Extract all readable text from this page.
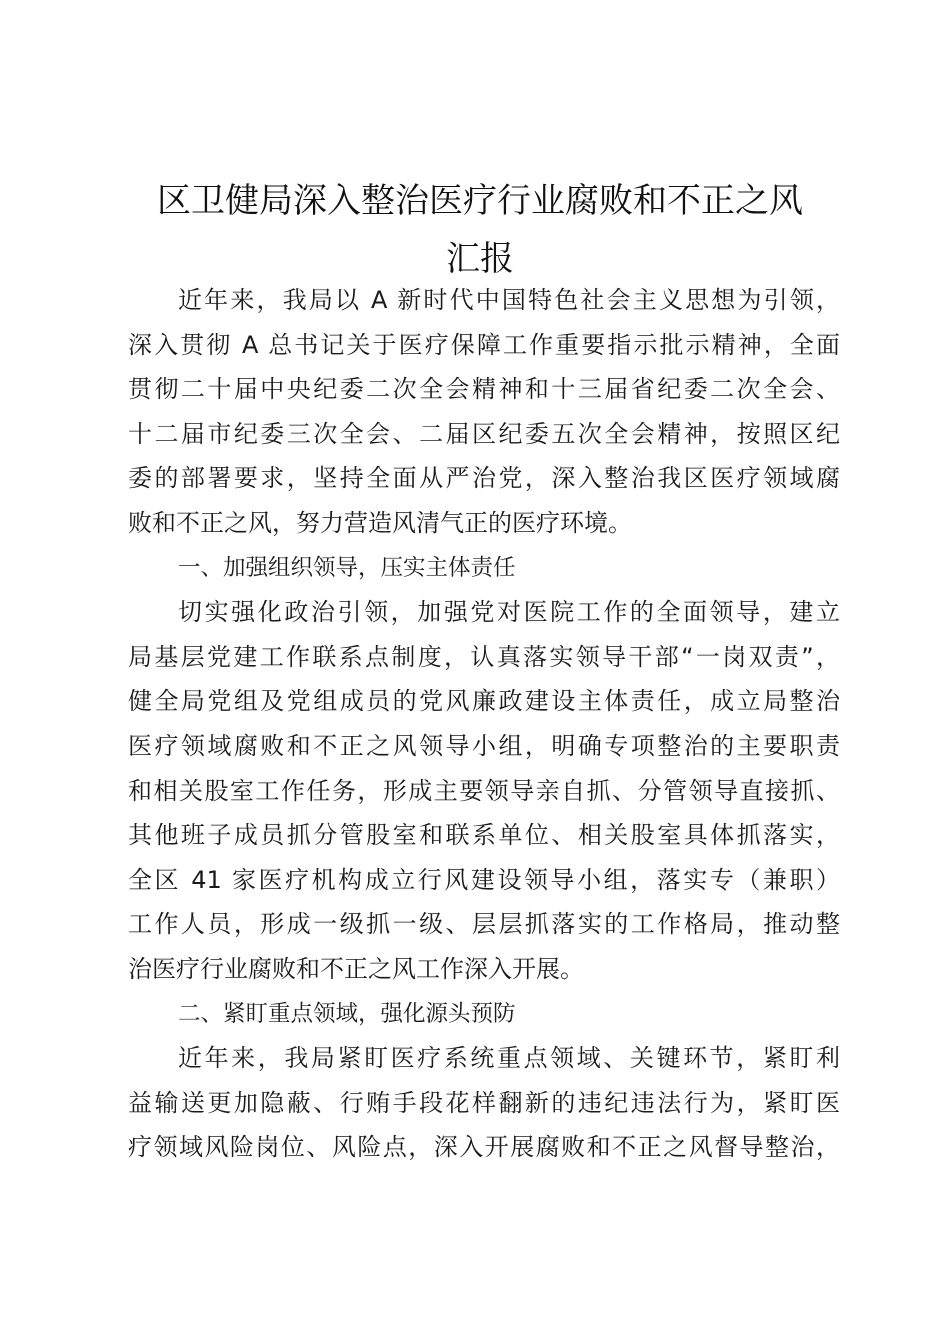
区卫健局深入整治医疗行业腐败和不正之风
汇报
近年来，我局以 A 新时代中国特色社会主义思想为引领，
深入贯彻 A 总书记关于医疗保障工作重要指示批示精神，全面
贯彻二十届中央纪委二次全会精神和十三届省纪委二次全会、
十二届市纪委三次全会、二届区纪委五次全会精神，按照区纪
委的部署要求，坚持全面从严治党，深入整治我区医疗领域腐
败和不正之风，努力营造风清气正的医疗环境。
一、加强组织领导，压实主体责任
切实强化政治引领，加强党对医院工作的全面领导，建立
局基层党建工作联系点制度，认真落实领导干部“一岗双责”，
健全局党组及党组成员的党风廉政建设主体责任，成立局整治
医疗领域腐败和不正之风领导小组，明确专项整治的主要职责
和相关股室工作任务，形成主要领导亲自抓、分管领导直接抓、
其他班子成员抓分管股室和联系单位、相关股室具体抓落实，
全区 41 家医疗机构成立行风建设领导小组，落实专（兼职）
工作人员，形成一级抓一级、层层抓落实的工作格局，推动整
治医疗行业腐败和不正之风工作深入开展。
二、紧盯重点领域，强化源头预防
近年来，我局紧盯医疗系统重点领域、关键环节，紧盯利
益输送更加隐蔽、行贿手段花样翻新的违纪违法行为，紧盯医
疗领域风险岗位、风险点，深入开展腐败和不正之风督导整治，
